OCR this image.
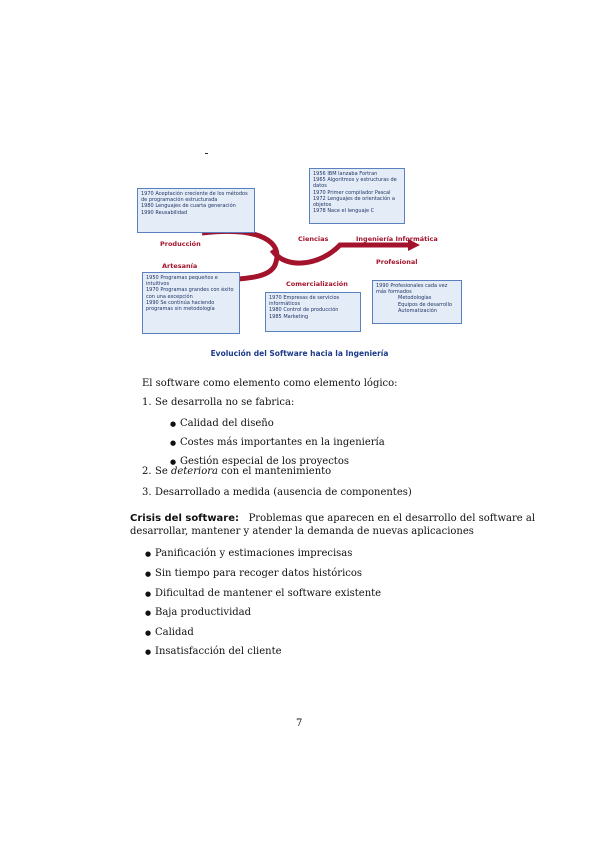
1970 Aceptación creciente de los métodos de programación estructurada
1980 Lenguajes de cuarta generación
1990 Reusabilidad
1956 IBM lanzaba Fortran
1965 Algoritmos y estructuras de datos
1970 Primer compilador Pascal
1972 Lenguajes de orientación a objetos
1978 Nace el lenguaje C
1950 Programas pequeños e intuitivos
1970 Programas grandes con éxito con una excepción
1990 Se continúa haciendo programas sin metodología
1970 Empresas de servicios informáticos
1980 Control de producción
1985 Marketing
1990 Profesionales cada vez más formados
Metodologías
Equipos de desarrollo
Automatización
Producción
Artesanía
Ciencias	Ingeniería Informática
Profesional
Comercialización
Evolución del Software hacia la Ingeniería
El software como elemento como elemento lógico:
1. Se desarrolla no se fabrica:
● Calidad del diseño
● Costes más importantes en la ingeniería
● Gestión especial de los proyectos
2. Se deteriora con el mantenimiento
3. Desarrollado a medida (ausencia de componentes)
Crisis del software: Problemas que aparecen en el desarrollo del software al
desarrollar, mantener y atender la demanda de nuevas aplicaciones
● Panificación y estimaciones imprecisas
● Sin tiempo para recoger datos históricos
● Dificultad de mantener el software existente
● Baja productividad
● Calidad
● Insatisfacción del cliente
7
